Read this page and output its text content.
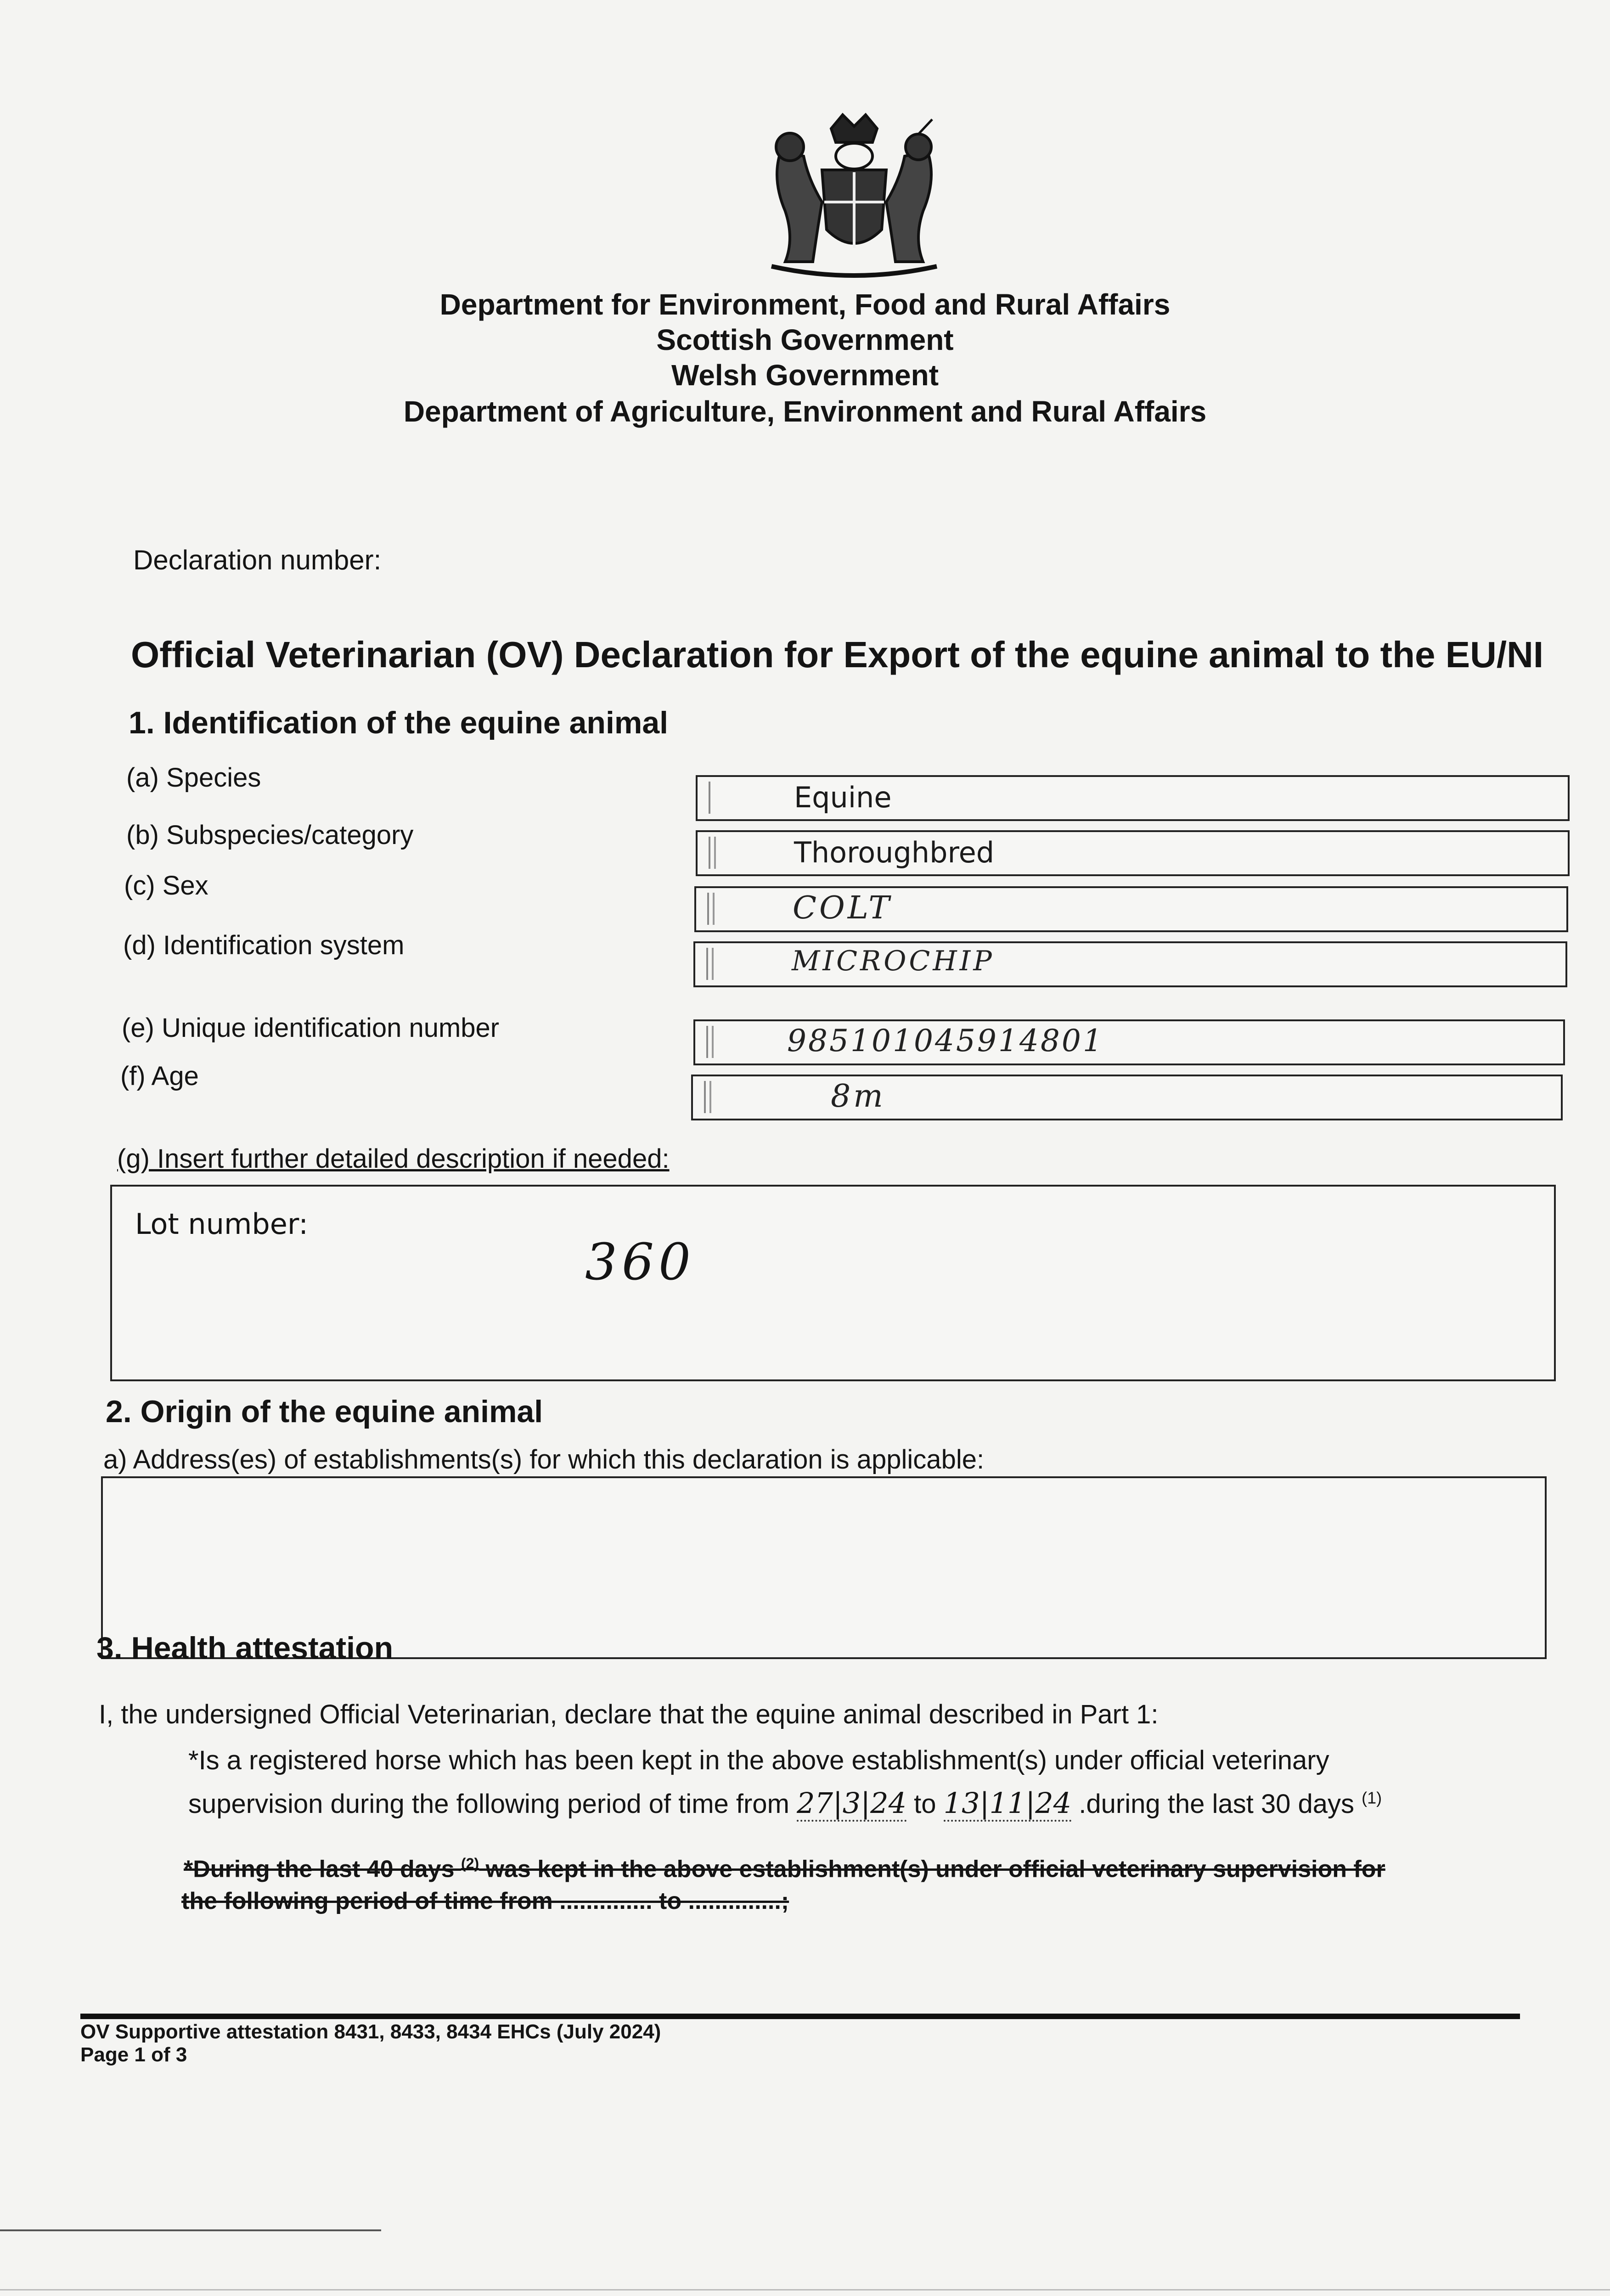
Department for Environment, Food and Rural Affairs
Scottish Government
Welsh Government
Department of Agriculture, Environment and Rural Affairs
Declaration number:
Official Veterinarian (OV) Declaration for Export of the equine animal to the EU/NI
1. Identification of the equine animal
(a) Species
Equine
(b) Subspecies/category
Thoroughbred
(c) Sex
COLT
(d) Identification system	MICROCHIP
(e) Unique identification number	985101045914801
(f) Age
8m
(g) Insert further detailed description if needed:
Lot number:
360
2. Origin of the equine animal
a) Address(es) of establishments(s) for which this declaration is applicable:
3. Health attestation
I, the undersigned Official Veterinarian, declare that the equine animal described in Part 1:
*Is a registered horse which has been kept in the above establishment(s) under official veterinary
supervision during the following period of time from 27|3|24 to 13|11|24 .during the last 30 days $^{(1)}$
*During the last 40 days $^{(2)}$ was kept in the above establishment(s) under official veterinary supervision for
the following period of time from .............. to ..............;
OV Supportive attestation 8431, 8433, 8434 EHCs (July 2024)
Page 1 of 3
